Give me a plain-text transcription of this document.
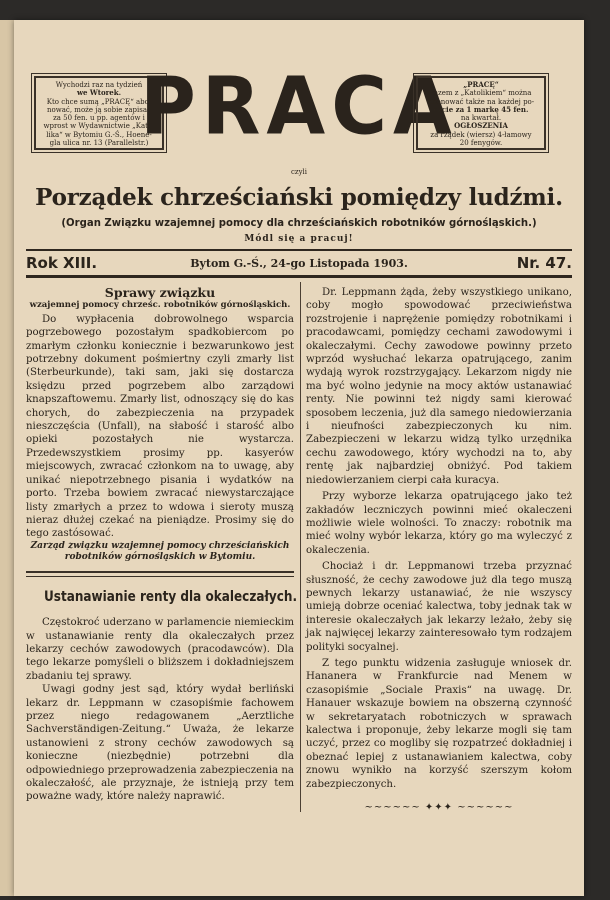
Wychodzi raz na tydzień
we Wtorek.
Kto chce sumą „PRACĘ“ abo-
nować, może ją sobie zapisać
za 50 fen. u pp. agentów i
wprost w Wydawnictwie „Kato-
lika“ w Bytomiu G.-Ś., Hoene-
gla ulica nr. 13 (Parallelstr.)
PRACA „PRACĘ“
razem z „Katolikiem“ można
abonować także na każdej po-
czcie za 1 markę 45 fen.
na kwartał.
OGŁOSZENIA
za rządek (wiersz) 4-łamowy
20 fenygów.
czyli
Porządek chrześciański pomiędzy ludźmi.
(Organ Związku wzajemnej pomocy dla chrześciańskich robotników górnośląskich.)
Módl się a pracuj!
Rok XIII.	Bytom G.-Ś., 24-go Listopada 1903.	Nr. 47.

Sprawy związku

wzajemnej pomocy chrześc. robotników górnośląskich.

Do wypłacenia dobrowolnego wsparcia pogrzebowego pozostałym spadkobiercom po zmarłym członku koniecznie i bezwarunkowo jest potrzebny dokument pośmiertny czyli zmarły list (Sterbeurkunde), taki sam, jaki się dostarcza księdzu przed pogrzebem albo zarządowi knapszaftowemu. Zmarły list, odnoszący się do kas chorych, do zabezpieczenia na przypadek nieszczęścia (Unfall), na słabość i starość albo opieki pozostałych nie wystarcza. Przedewszystkiem prosimy pp. kasyerów miejscowych, zwracać członkom na to uwagę, aby unikać niepotrzebnego pisania i wydatków na porto. Trzeba bowiem zwracać niewystarczające listy zmarłych a przez to wdowa i sieroty muszą nieraz dłużej czekać na pieniądze. Prosimy się do tego zastósować.

Zarząd związku wzajemnej pomocy chrześciańskich robotników górnośląskich w Bytomiu.

Ustanawianie renty dla okaleczałych.

Częstokroć uderzano w parlamencie niemieckim w ustanawianie renty dla okaleczałych przez lekarzy cechów zawodowych (pracodawców). Dla tego lekarze pomyśleli o bliższem i dokładniejszem zbadaniu tej sprawy.

Uwagi godny jest sąd, który wydał berliński lekarz dr. Leppmann w czasopiśmie fachowem przez niego redagowanem „Aerztliche Sachverständigen-Zeitung.“ Uważa, że lekarze ustanowieni z strony cechów zawodowych są konieczne (niezbędnie) potrzebni dla odpowiedniego przeprowadzenia zabezpieczenia na okaleczałość, ale przyznaje, że istnieją przy tem poważne wady, które należy naprawić.

Dr. Leppmann żąda, żeby wszystkiego unikano, coby mogło spowodować przeciwieństwa rozstrojenie i naprężenie pomiędzy robotnikami i pracodawcami, pomiędzy cechami zawodowymi i okaleczałymi. Cechy zawodowe powinny przeto wprzód wysłuchać lekarza opatrującego, zanim wydają wyrok rozstrzygający. Lekarzom nigdy nie ma być wolno jedynie na mocy aktów ustanawiać renty. Nie powinni też nigdy sami kierować sposobem leczenia, już dla samego niedowierzania i nieufności zabezpieczonych ku nim. Zabezpieczeni w lekarzu widzą tylko urzędnika cechu zawodowego, który wychodzi na to, aby rentę jak najbardziej obniżyć. Pod takiem niedowierzaniem cierpi cała kuracya.

Przy wyborze lekarza opatrującego jako też zakładów leczniczych powinni mieć okaleczeni możliwie wiele wolności. To znaczy: robotnik ma mieć wolny wybór lekarza, który go ma wyleczyć z okaleczenia.

Chociaż i dr. Leppmanowi trzeba przyznać słuszność, że cechy zawodowe już dla tego muszą pewnych lekarzy ustanawiać, że nie wszyscy umieją dobrze oceniać kalectwa, toby jednak tak w interesie okaleczałych jak lekarzy leżało, żeby się jak najwięcej lekarzy zainteresowało tym rodzajem polityki socyalnej.

Z tego punktu widzenia zasługuje wniosek dr. Hananera w Frankfurcie nad Menem w czasopiśmie „Sociale Praxis“ na uwagę. Dr. Hanauer wskazuje bowiem na obszerną czynność w sekretaryatach robotniczych w sprawach kalectwa i proponuje, żeby lekarze mogli się tam uczyć, przez co mogliby się rozpatrzeć dokładniej i obeznać lepiej z ustanawianiem kalectwa, coby znowu wynikło na korzyść szerszym kołom zabezpieczonych.

~~~~~~ ✦✦✦ ~~~~~~
